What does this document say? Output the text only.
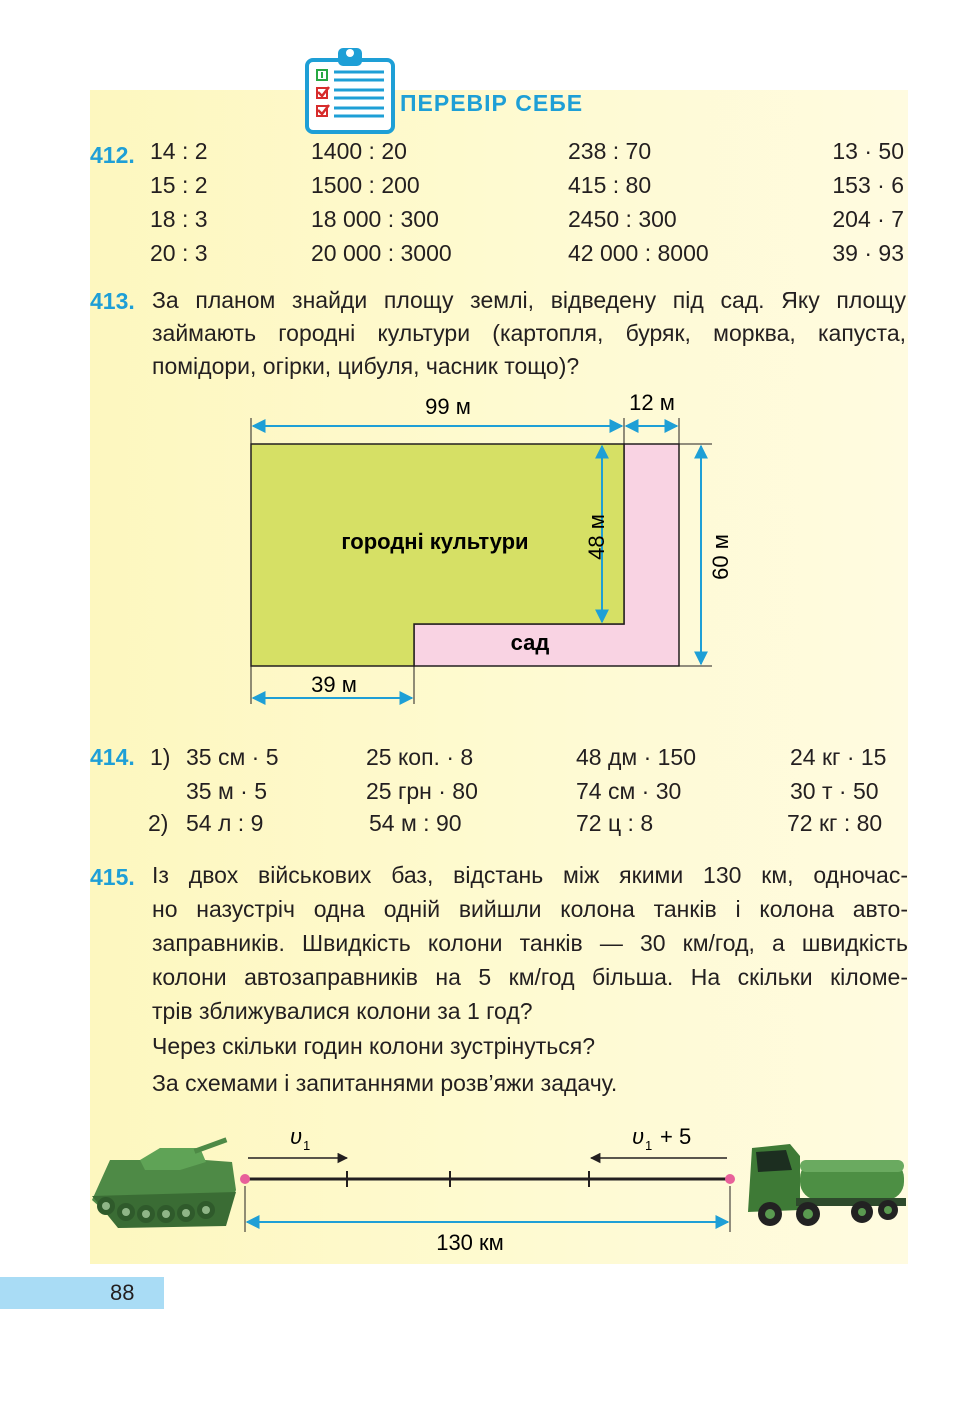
ПЕРЕВІР СЕБЕ
412. 14 : 2	1400 : 20	238 : 70	13 · 50
15 : 2	1500 : 200	415 : 80	153 · 6
18 : 3	18 000 : 300	2450 : 300	204 · 7
20 : 3	20 000 : 3000	42 000 : 8000	39 · 93
413. За планом знайди площу землі, відведену під сад. Яку площу
займають городні культури (картопля, буряк, морква, капуста,
помідори, огірки, цибуля, часник тощо)?
99 м	12 м
городні культури
сад
48 м	60 м
39 м
414. 1)
2)
35 см · 5	25 коп. · 8	48 дм · 150	24 кг · 15
35 м · 5	25 грн · 80	74 см · 30	30 т · 50
54 л : 9	54 м : 90	72 ц : 8	72 кг : 80
415. Із двох військових баз, відстань між якими 130 км, одночас-
но назустріч одна одній вийшли колона танків і колона авто-
заправників. Швидкість колони танків — 30 км/год, а швидкість
колони автозаправників на 5 км/год більша. На скільки кіломе-
трів зближувалися колони за 1 год?
Через скільки годин колони зустрінуться?
За схемами і запитаннями розв’яжи задачу.
υ 1	υ 1 + 5
130 км
88
